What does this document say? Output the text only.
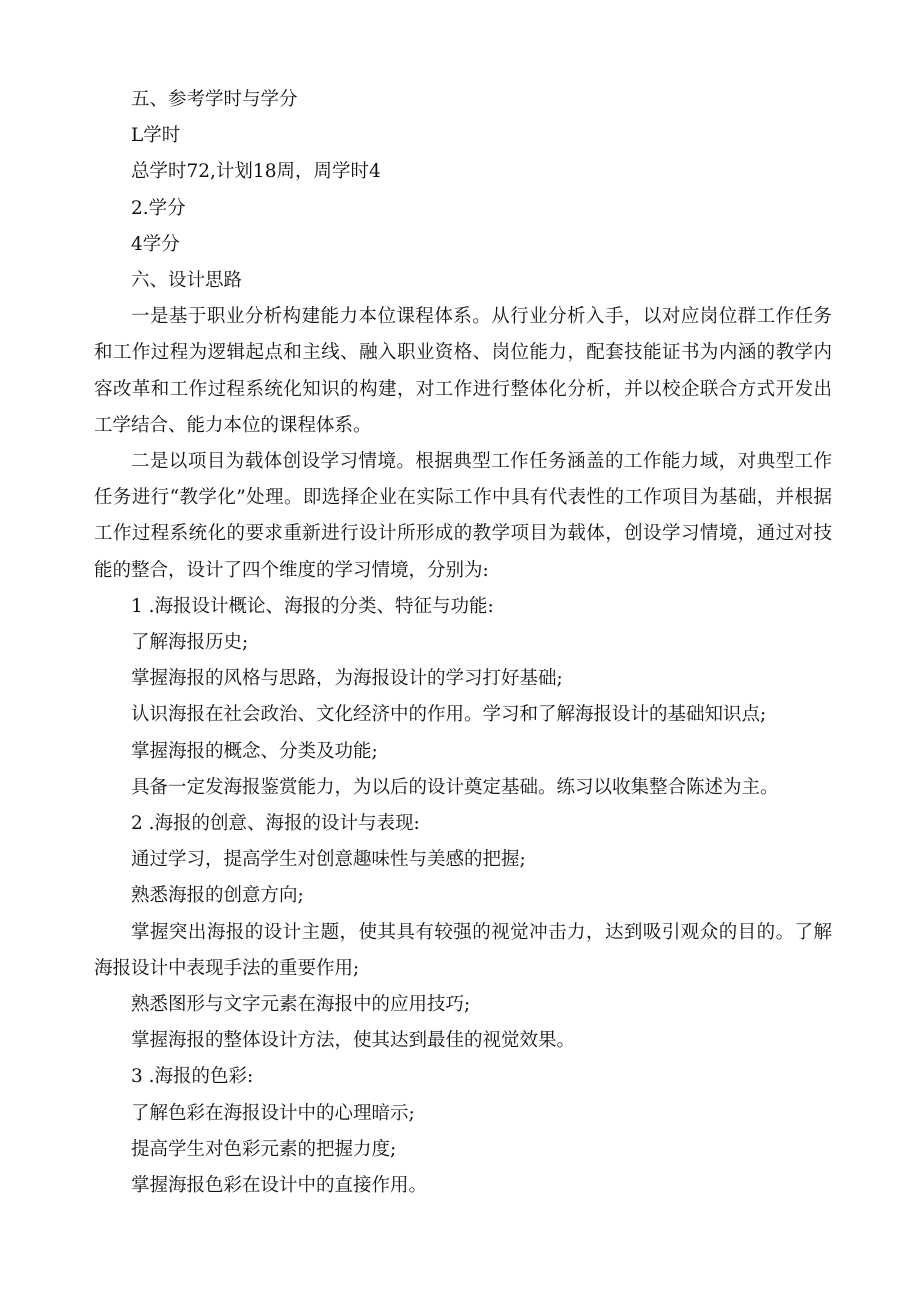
五、参考学时与学分

L学时

总学时72,计划18周，周学时4

2.学分

4学分

六、设计思路

一是基于职业分析构建能力本位课程体系。从行业分析入手，以对应岗位群工作任务和工作过程为逻辑起点和主线、融入职业资格、岗位能力，配套技能证书为内涵的教学内容改革和工作过程系统化知识的构建，对工作进行整体化分析，并以校企联合方式开发出工学结合、能力本位的课程体系。

二是以项目为载体创设学习情境。根据典型工作任务涵盖的工作能力域，对典型工作任务进行“教学化”处理。即选择企业在实际工作中具有代表性的工作项目为基础，并根据工作过程系统化的要求重新进行设计所形成的教学项目为载体，创设学习情境，通过对技能的整合，设计了四个维度的学习情境，分别为:

1 .海报设计概论、海报的分类、特征与功能:

了解海报历史;

掌握海报的风格与思路，为海报设计的学习打好基础;

认识海报在社会政治、文化经济中的作用。学习和了解海报设计的基础知识点;

掌握海报的概念、分类及功能;

具备一定发海报鉴赏能力，为以后的设计奠定基础。练习以收集整合陈述为主。

2 .海报的创意、海报的设计与表现:

通过学习，提高学生对创意趣味性与美感的把握;

熟悉海报的创意方向;

掌握突出海报的设计主题，使其具有较强的视觉冲击力，达到吸引观众的目的。了解海报设计中表现手法的重要作用;

熟悉图形与文字元素在海报中的应用技巧;

掌握海报的整体设计方法，使其达到最佳的视觉效果。

3 .海报的色彩:

了解色彩在海报设计中的心理暗示;

提高学生对色彩元素的把握力度;

掌握海报色彩在设计中的直接作用。
